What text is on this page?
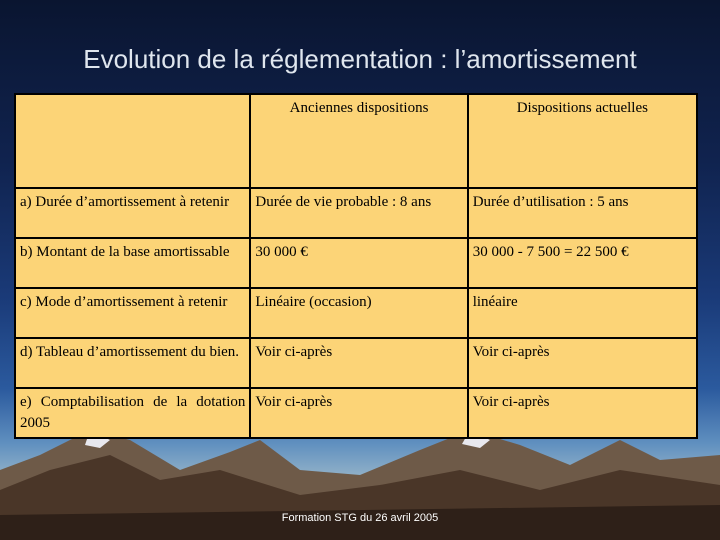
Evolution de la réglementation : l’amortissement
	Anciennes dispositions	Dispositions actuelles
a) Durée d’amortissement à retenir	Durée de vie probable : 8 ans	Durée d’utilisation : 5 ans
b) Montant de la base amortissable	30 000 €	30 000 - 7 500 = 22 500 €
c) Mode d’amortissement à retenir	Linéaire (occasion)	linéaire
d) Tableau d’amortissement du bien.	Voir ci-après	Voir ci-après
e) Comptabilisation de la dotation 2005	Voir ci-après	Voir ci-après
Formation STG du 26 avril 2005
